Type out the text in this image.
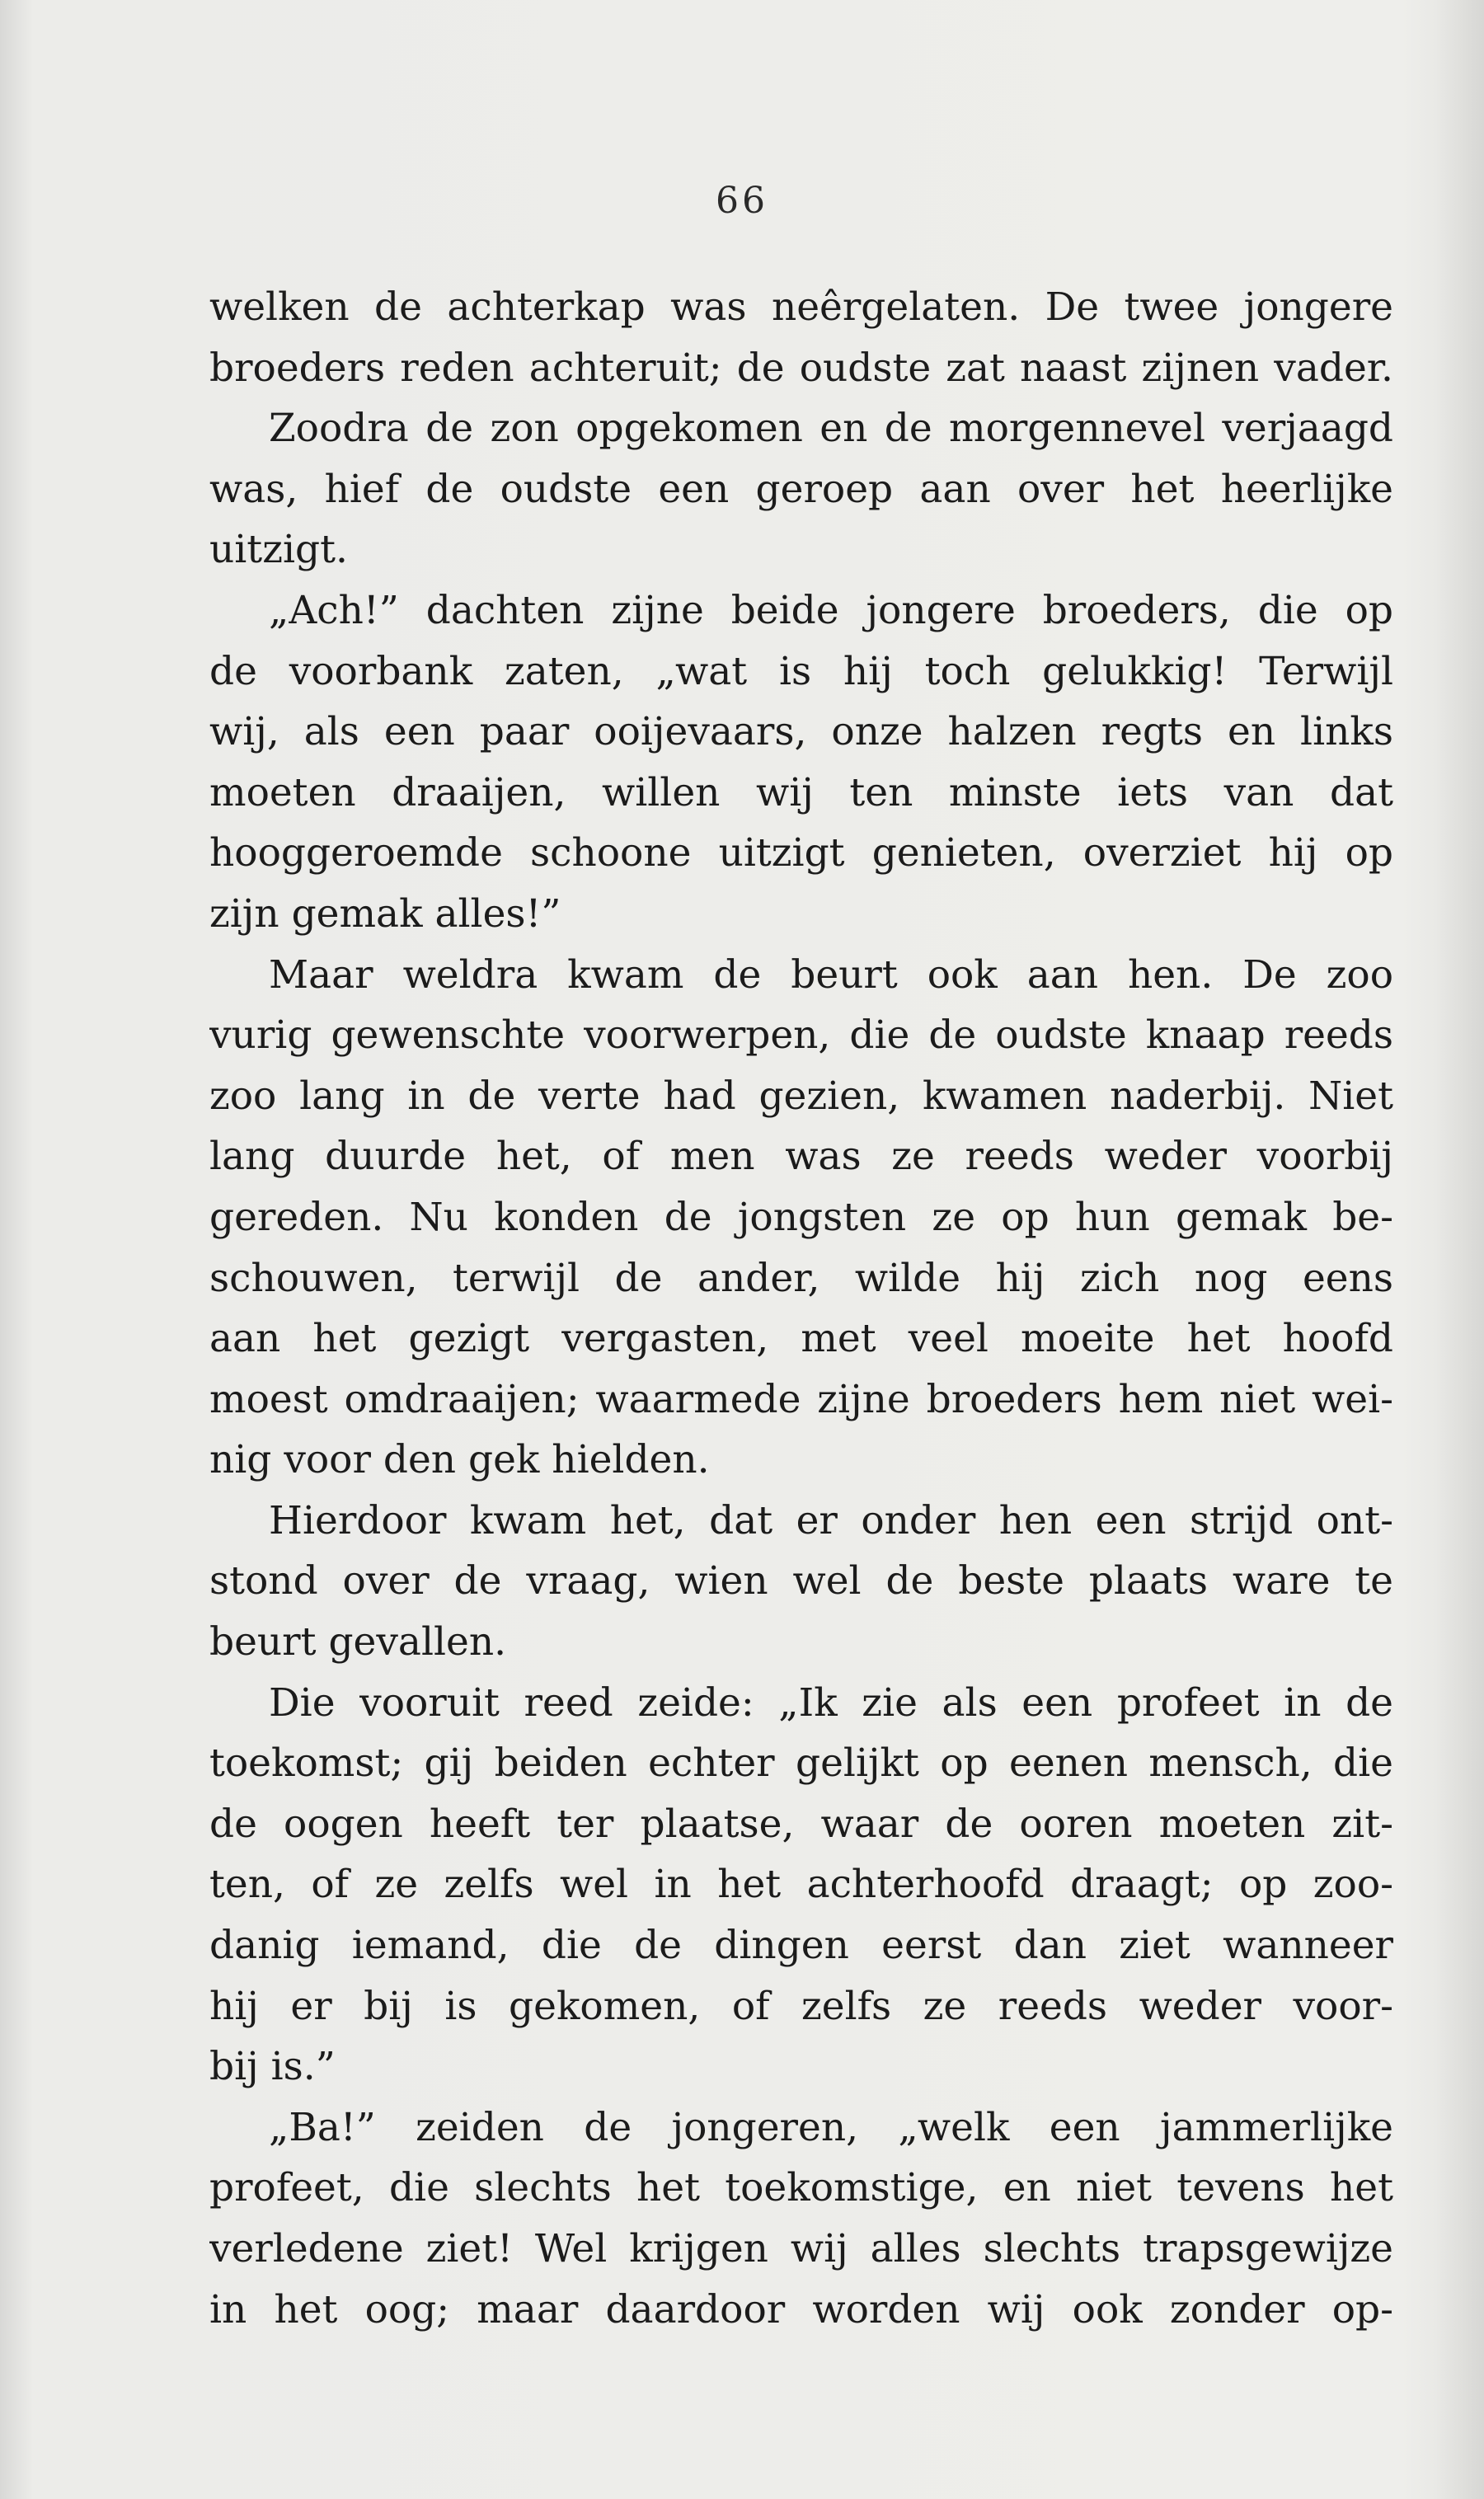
66
welken de achterkap was neêrgelaten. De twee jongere
broeders reden achteruit; de oudste zat naast zijnen vader.
Zoodra de zon opgekomen en de morgennevel verjaagd
was, hief de oudste een geroep aan over het heerlijke
uitzigt.
„Ach!” dachten zijne beide jongere broeders, die op
de voorbank zaten, „wat is hij toch gelukkig! Terwijl
wij, als een paar ooijevaars, onze halzen regts en links
moeten draaijen, willen wij ten minste iets van dat
hooggeroemde schoone uitzigt genieten, overziet hij op
zijn gemak alles!”
Maar weldra kwam de beurt ook aan hen. De zoo
vurig gewenschte voorwerpen, die de oudste knaap reeds
zoo lang in de verte had gezien, kwamen naderbij. Niet
lang duurde het, of men was ze reeds weder voorbij
gereden. Nu konden de jongsten ze op hun gemak be-
schouwen, terwijl de ander, wilde hij zich nog eens
aan het gezigt vergasten, met veel moeite het hoofd
moest omdraaijen; waarmede zijne broeders hem niet wei-
nig voor den gek hielden.
Hierdoor kwam het, dat er onder hen een strijd ont-
stond over de vraag, wien wel de beste plaats ware te
beurt gevallen.
Die vooruit reed zeide: „Ik zie als een profeet in de
toekomst; gij beiden echter gelijkt op eenen mensch, die
de oogen heeft ter plaatse, waar de ooren moeten zit-
ten, of ze zelfs wel in het achterhoofd draagt; op zoo-
danig iemand, die de dingen eerst dan ziet wanneer
hij er bij is gekomen, of zelfs ze reeds weder voor-
bij is.”
„Ba!” zeiden de jongeren, „welk een jammerlijke
profeet, die slechts het toekomstige, en niet tevens het
verledene ziet! Wel krijgen wij alles slechts trapsgewijze
in het oog; maar daardoor worden wij ook zonder op-
